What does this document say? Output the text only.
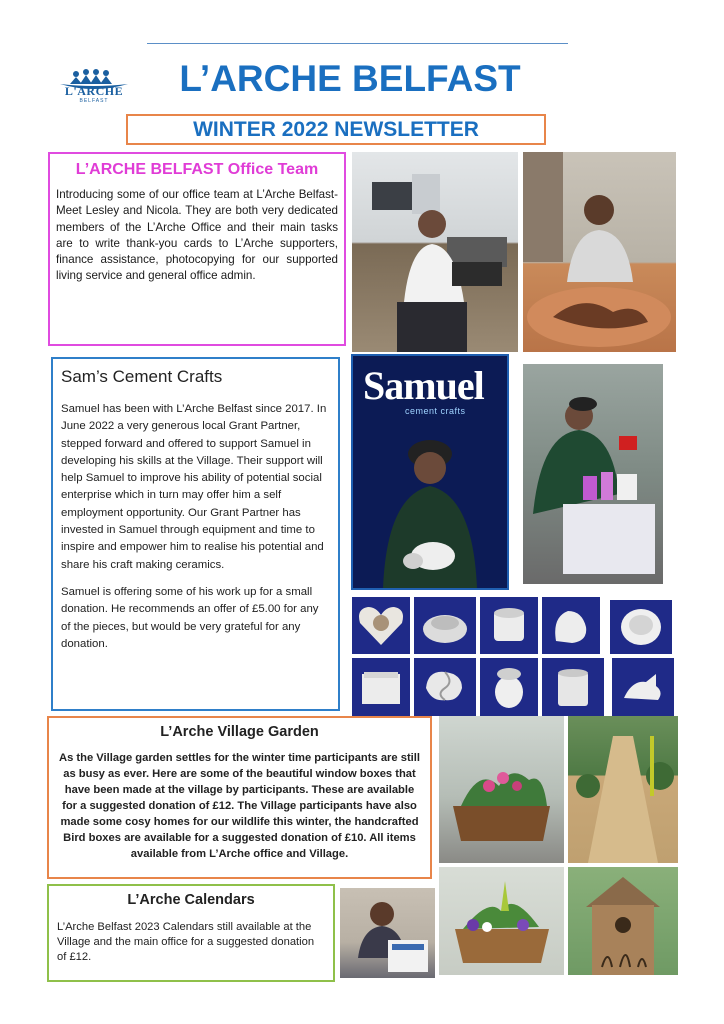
L'ARCHE
BELFAST
L’ARCHE BELFAST
WINTER 2022 NEWSLETTER
L’ARCHE BELFAST Office Team
Introducing some of our office team at L’Arche Belfast-Meet Lesley and Nicola. They are both very dedicated members of the L’Arche Office and their main tasks are to write thank-you cards to L’Arche supporters, finance assistance, photocopying for our supported living service and general office admin.
Sam’s Cement Crafts

Samuel has been with L’Arche Belfast since 2017. In June 2022 a very generous local Grant Partner, stepped forward and offered to support Samuel in developing his skills at the Village. Their support will help Samuel to improve his ability of potential social enterprise which in turn may offer him a self employment opportunity. Our Grant Partner has invested in Samuel through equipment and time to inspire and empower him to realise his potential and share his craft making ceramics.

Samuel is offering some of his work up for a small donation. He recommends an offer of £5.00 for any of the pieces, but would be very grateful for any donation.

Samuel
cement crafts
L’Arche Village Garden
As the Village garden settles for the winter time participants are still as busy as ever. Here are some of the beautiful window boxes that have been made at the village by participants. These are available for a suggested donation of £12. The Village participants have also made some cosy homes for our wildlife this winter, the handcrafted Bird boxes are available for a suggested donation of £10. All items available from L’Arche office and Village.
L’Arche Calendars
L’Arche Belfast 2023 Calendars still available at the Village and the main office for a suggested donation of £12.
